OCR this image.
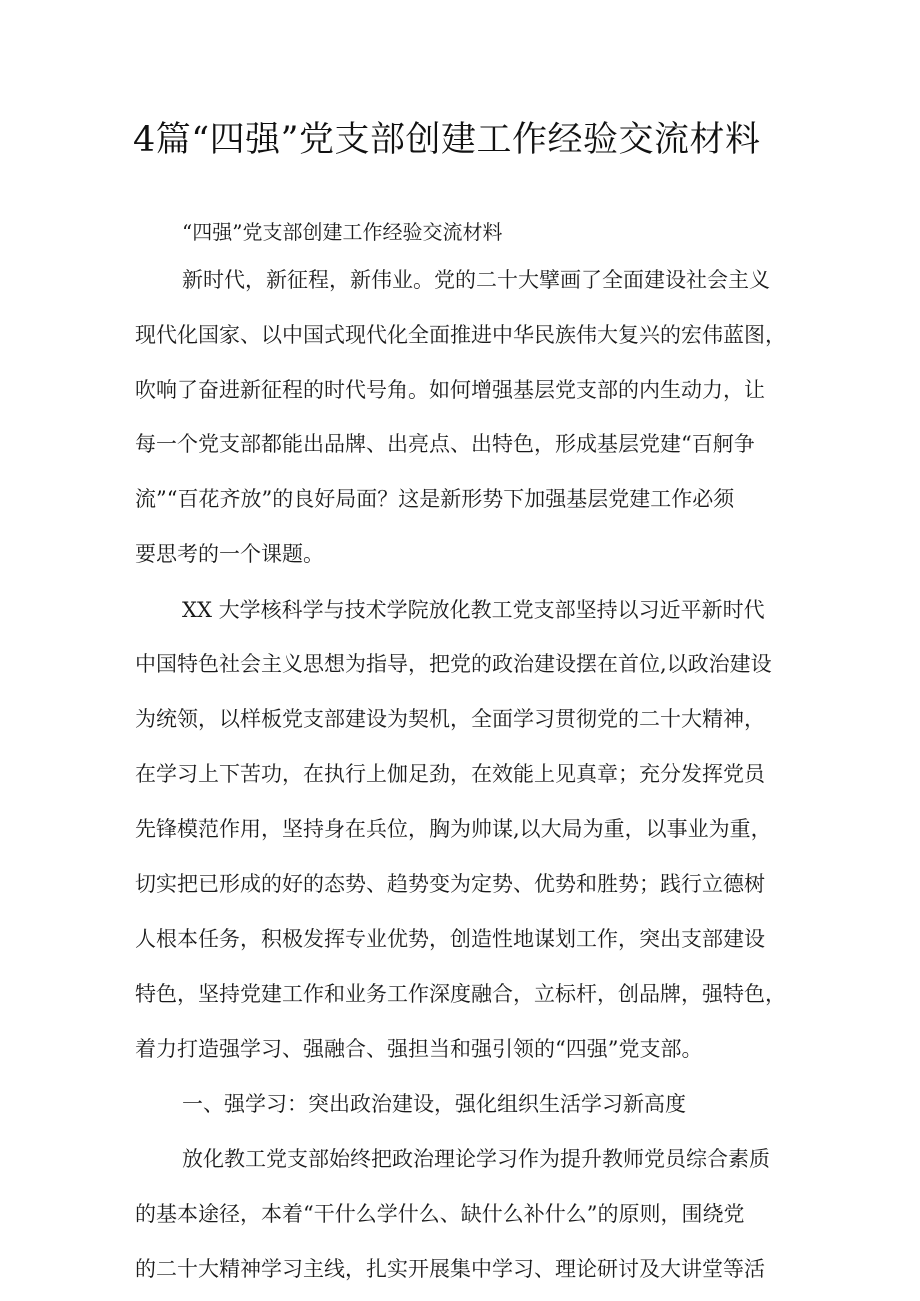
4篇“四强”党支部创建工作经验交流材料

“四强”党支部创建工作经验交流材料

新时代，新征程，新伟业。党的二十大擘画了全面建设社会主义

现代化国家、以中国式现代化全面推进中华民族伟大复兴的宏伟蓝图，

吹响了奋进新征程的时代号角。如何增强基层党支部的内生动力，让

每一个党支部都能出品牌、出亮点、出特色，形成基层党建“百舸争

流”“百花齐放”的良好局面？这是新形势下加强基层党建工作必须

要思考的一个课题。

XX 大学核科学与技术学院放化教工党支部坚持以习近平新时代

中国特色社会主义思想为指导，把党的政治建设摆在首位,以政治建设

为统领，以样板党支部建设为契机，全面学习贯彻党的二十大精神，

在学习上下苦功，在执行上伽足劲，在效能上见真章；充分发挥党员

先锋模范作用，坚持身在兵位，胸为帅谋,以大局为重，以事业为重，

切实把已形成的好的态势、趋势变为定势、优势和胜势；践行立德树

人根本任务，积极发挥专业优势，创造性地谋划工作，突出支部建设

特色，坚持党建工作和业务工作深度融合，立标杆，创品牌，强特色，

着力打造强学习、强融合、强担当和强引领的“四强”党支部。

一、强学习：突出政治建设，强化组织生活学习新高度

放化教工党支部始终把政治理论学习作为提升教师党员综合素质

的基本途径，本着“干什么学什么、缺什么补什么”的原则，围绕党

的二十大精神学习主线，扎实开展集中学习、理论研讨及大讲堂等活
